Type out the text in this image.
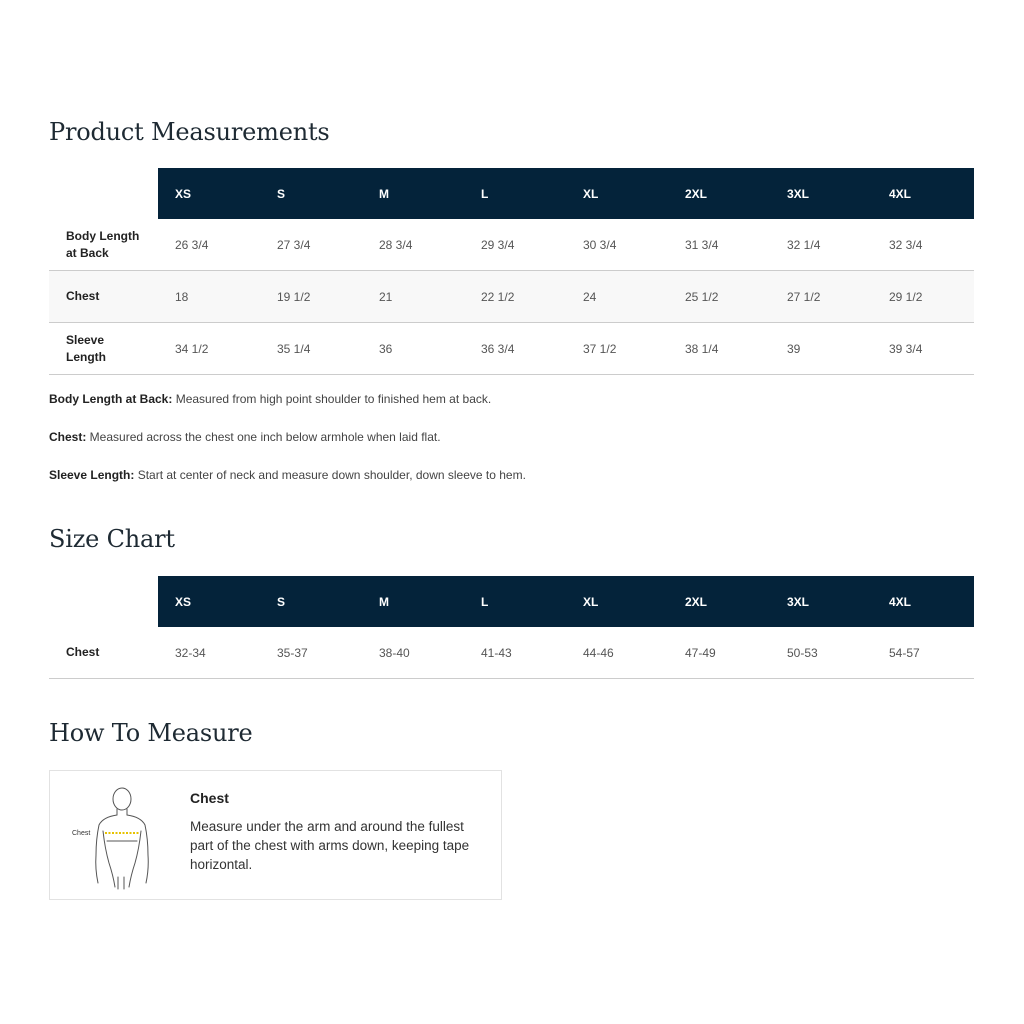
Product Measurements
	XS	S	M	L	XL	2XL	3XL	4XL
Body Length
at Back	26 3/4	27 3/4	28 3/4	29 3/4	30 3/4	31 3/4	32 1/4	32 3/4
Chest	18	19 1/2	21	22 1/2	24	25 1/2	27 1/2	29 1/2
Sleeve
Length	34 1/2	35 1/4	36	36 3/4	37 1/2	38 1/4	39	39 3/4

Body Length at Back: Measured from high point shoulder to finished hem at back.

Chest: Measured across the chest one inch below armhole when laid flat.

Sleeve Length: Start at center of neck and measure down shoulder, down sleeve to hem.

Size Chart
	XS	S	M	L	XL	2XL	3XL	4XL
Chest	32-34	35-37	38-40	41-43	44-46	47-49	50-53	54-57
How To Measure
Chest

Chest

Measure under the arm and around the fullest part of the chest with arms down, keeping tape horizontal.
